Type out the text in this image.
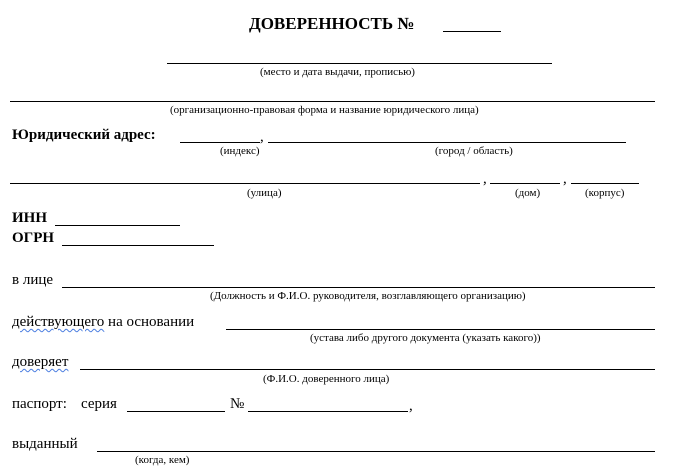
ДОВЕРЕННОСТЬ №
(место и дата выдачи, прописью)
(организационно-правовая форма и название юридического лица)
Юридический адрес:	,
(индекс)	(город / область)
,	,
(улица)	(дом)	(корпус)
ИНН
ОГРН
в лице
(Должность и Ф.И.О. руководителя, возглавляющего организацию)
действующего на основании
(устава либо другого документа (указать какого))
доверяет
(Ф.И.О. доверенного лица)
паспорт: серия	№	,
выданный
(когда, кем)
